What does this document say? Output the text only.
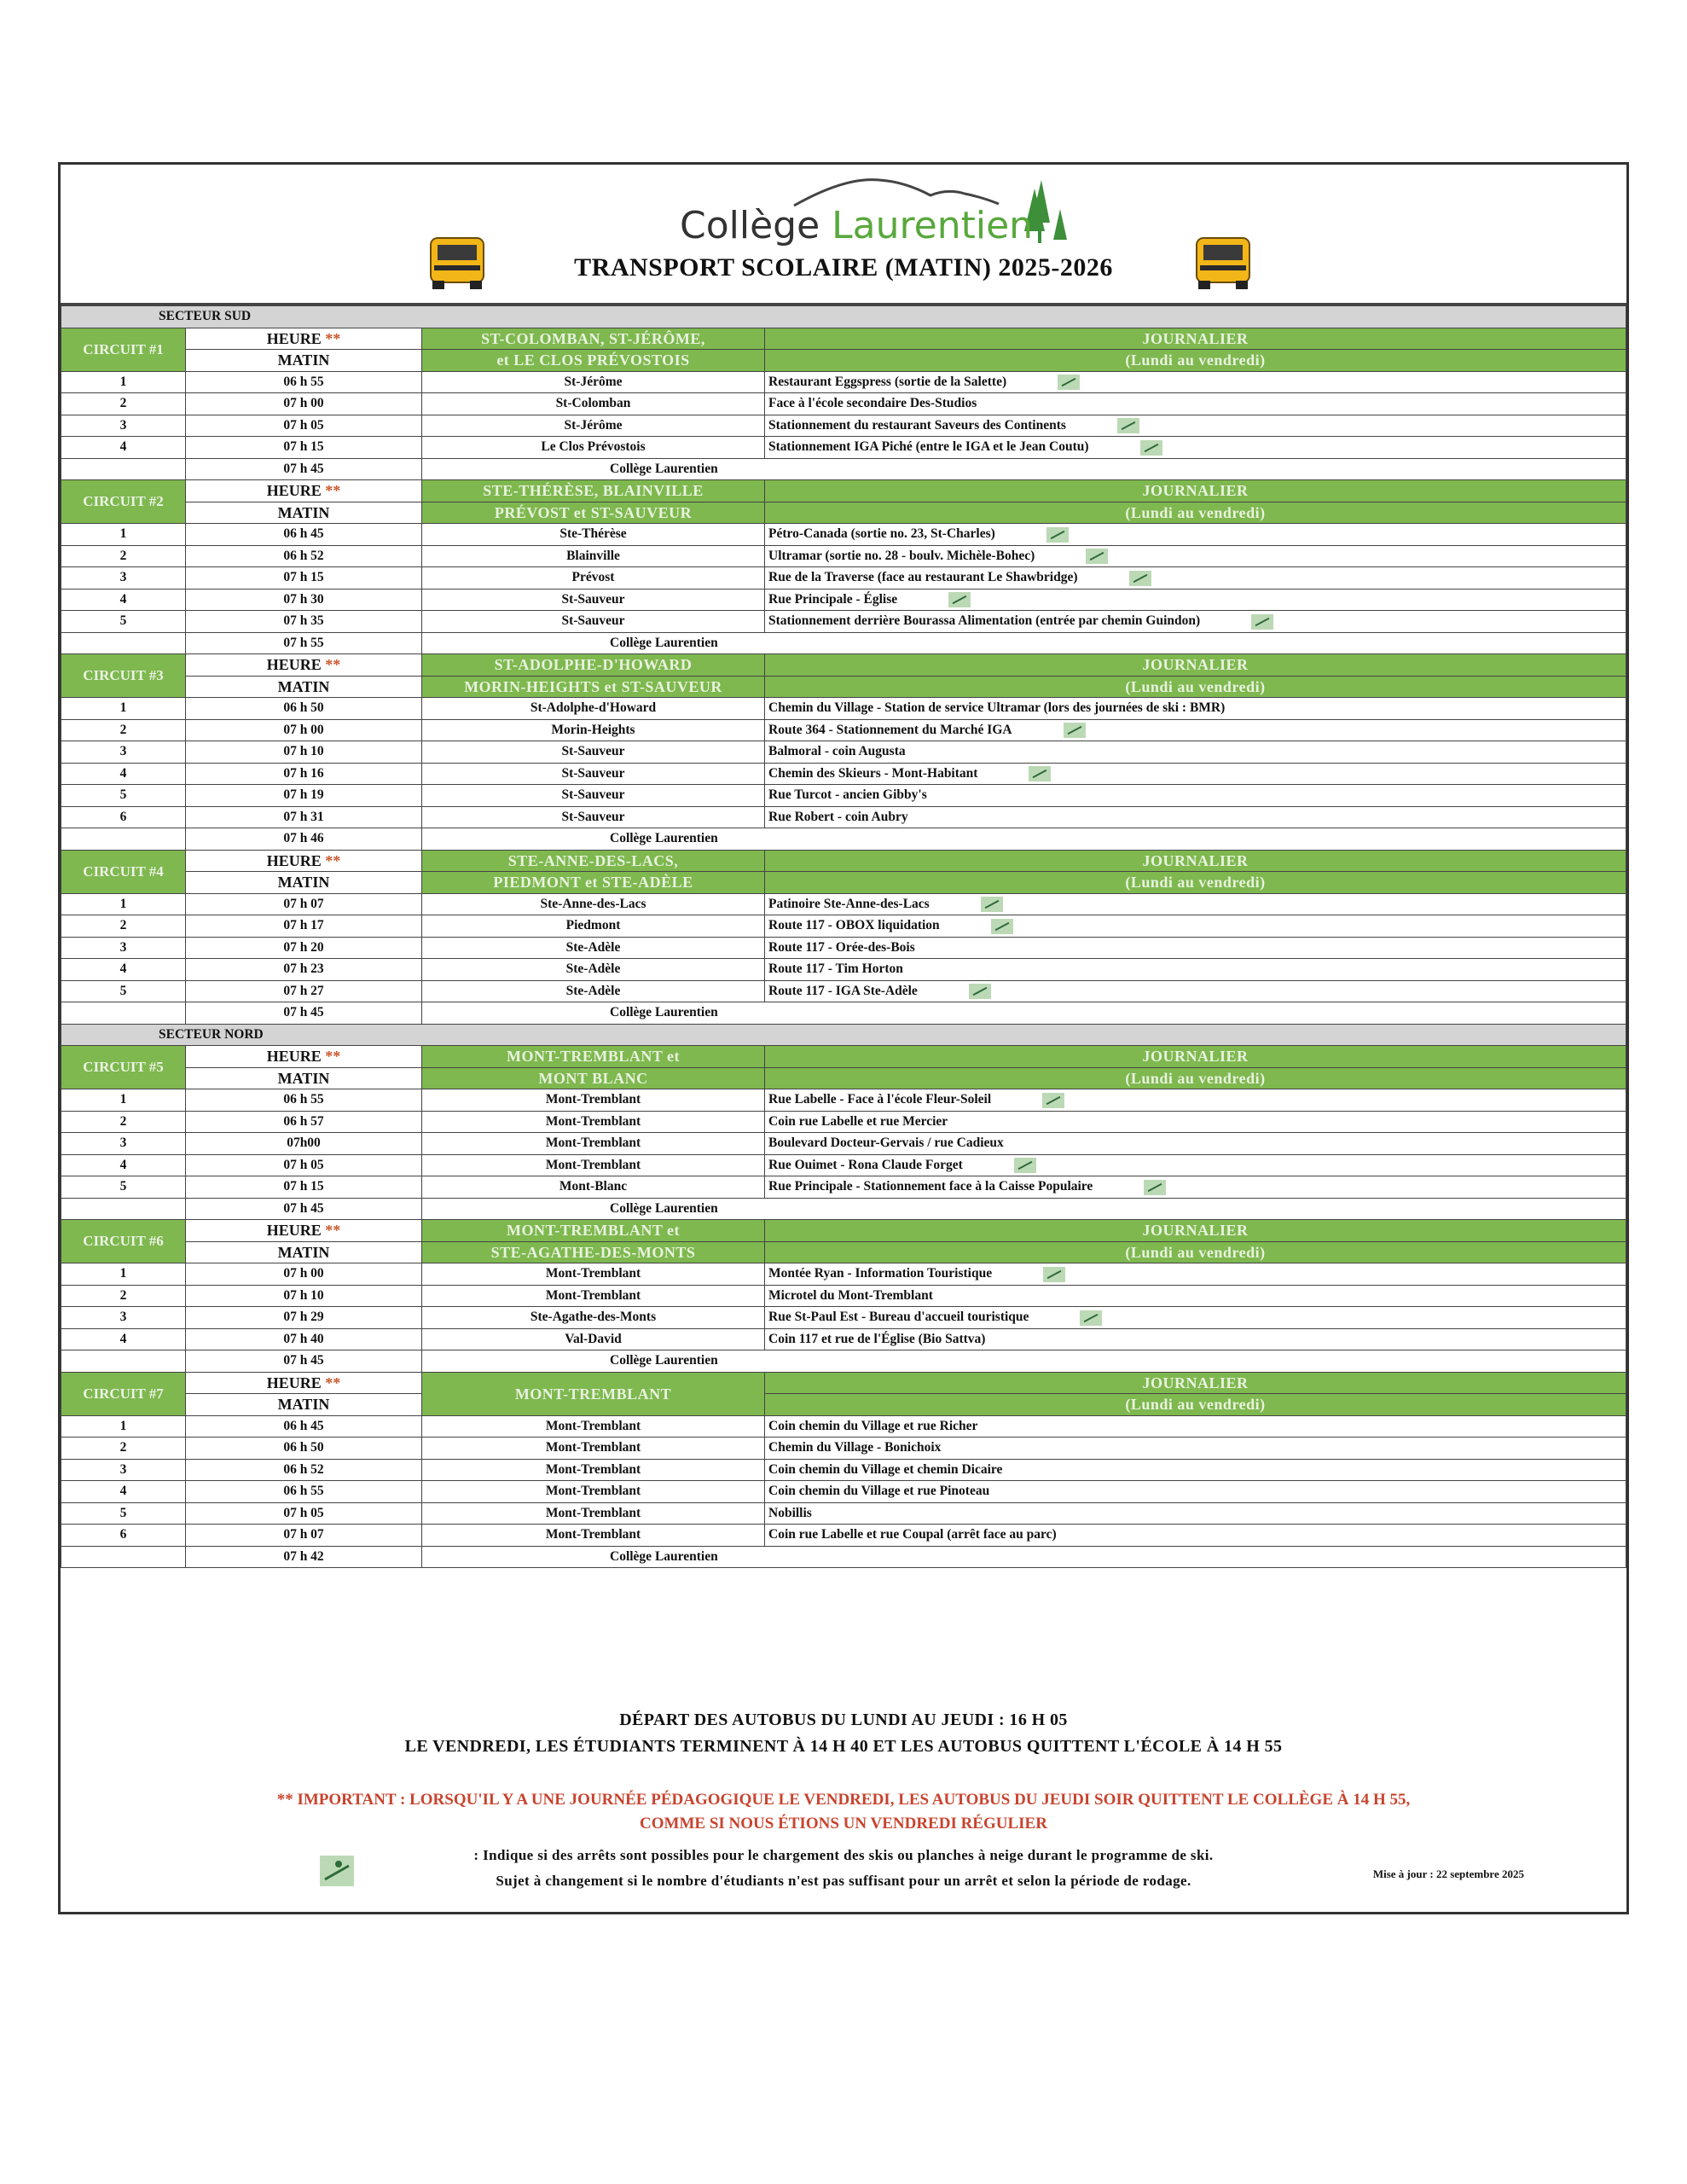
Collège Laurentien
TRANSPORT SCOLAIRE (MATIN) 2025-2026
SECTEUR SUD			
CIRCUIT #1	HEURE **	ST-COLOMBAN, ST-JÉRÔME,	JOURNALIER
	MATIN	et LE CLOS PRÉVOSTOIS	(Lundi au vendredi)
1	06 h 55	St-Jérôme	Restaurant Eggspress (sortie de la Salette)
2	07 h 00	St-Colomban	Face à l'école secondaire Des-Studios
3	07 h 05	St-Jérôme	Stationnement du restaurant Saveurs des Continents
4	07 h 15	Le Clos Prévostois	Stationnement IGA Piché (entre le IGA et le Jean Coutu)
	07 h 45	Collège Laurentien	
CIRCUIT #2	HEURE **	STE-THÉRÈSE, BLAINVILLE	JOURNALIER
	MATIN	PRÉVOST et ST-SAUVEUR	(Lundi au vendredi)
1	06 h 45	Ste-Thérèse	Pétro-Canada (sortie no. 23, St-Charles)
2	06 h 52	Blainville	Ultramar (sortie no. 28 - boulv. Michèle-Bohec)
3	07 h 15	Prévost	Rue de la Traverse (face au restaurant Le Shawbridge)
4	07 h 30	St-Sauveur	Rue Principale - Église
5	07 h 35	St-Sauveur	Stationnement derrière Bourassa Alimentation (entrée par chemin Guindon)
	07 h 55	Collège Laurentien	
CIRCUIT #3	HEURE **	ST-ADOLPHE-D'HOWARD	JOURNALIER
	MATIN	MORIN-HEIGHTS et ST-SAUVEUR	(Lundi au vendredi)
1	06 h 50	St-Adolphe-d'Howard	Chemin du Village - Station de service Ultramar (lors des journées de ski : BMR)
2	07 h 00	Morin-Heights	Route 364 - Stationnement du Marché IGA
3	07 h 10	St-Sauveur	Balmoral - coin Augusta
4	07 h 16	St-Sauveur	Chemin des Skieurs - Mont-Habitant
5	07 h 19	St-Sauveur	Rue Turcot - ancien Gibby's
6	07 h 31	St-Sauveur	Rue Robert - coin Aubry
	07 h 46	Collège Laurentien	
CIRCUIT #4	HEURE **	STE-ANNE-DES-LACS,	JOURNALIER
	MATIN	PIEDMONT et STE-ADÈLE	(Lundi au vendredi)
1	07 h 07	Ste-Anne-des-Lacs	Patinoire Ste-Anne-des-Lacs
2	07 h 17	Piedmont	Route 117 - OBOX liquidation
3	07 h 20	Ste-Adèle	Route 117 - Orée-des-Bois
4	07 h 23	Ste-Adèle	Route 117 - Tim Horton
5	07 h 27	Ste-Adèle	Route 117 - IGA Ste-Adèle
	07 h 45	Collège Laurentien	
SECTEUR NORD			
CIRCUIT #5	HEURE **	MONT-TREMBLANT et	JOURNALIER
	MATIN	MONT BLANC	(Lundi au vendredi)
1	06 h 55	Mont-Tremblant	Rue Labelle - Face à l'école Fleur-Soleil
2	06 h 57	Mont-Tremblant	Coin rue Labelle et rue Mercier
3	07h00	Mont-Tremblant	Boulevard Docteur-Gervais / rue Cadieux
4	07 h 05	Mont-Tremblant	Rue Ouimet - Rona Claude Forget
5	07 h 15	Mont-Blanc	Rue Principale - Stationnement face à la Caisse Populaire
	07 h 45	Collège Laurentien	
CIRCUIT #6	HEURE **	MONT-TREMBLANT et	JOURNALIER
	MATIN	STE-AGATHE-DES-MONTS	(Lundi au vendredi)
1	07 h 00	Mont-Tremblant	Montée Ryan - Information Touristique
2	07 h 10	Mont-Tremblant	Microtel du Mont-Tremblant
3	07 h 29	Ste-Agathe-des-Monts	Rue St-Paul Est - Bureau d'accueil touristique
4	07 h 40	Val-David	Coin 117 et rue de l'Église (Bio Sattva)
	07 h 45	Collège Laurentien	
CIRCUIT #7	HEURE **	MONT-TREMBLANT	JOURNALIER
	MATIN		(Lundi au vendredi)
1	06 h 45	Mont-Tremblant	Coin chemin du Village et rue Richer
2	06 h 50	Mont-Tremblant	Chemin du Village - Bonichoix
3	06 h 52	Mont-Tremblant	Coin chemin du Village et chemin Dicaire
4	06 h 55	Mont-Tremblant	Coin chemin du Village et rue Pinoteau
5	07 h 05	Mont-Tremblant	Nobillis
6	07 h 07	Mont-Tremblant	Coin rue Labelle et rue Coupal (arrêt face au parc)
	07 h 42	Collège Laurentien	
DÉPART DES AUTOBUS DU LUNDI AU JEUDI : 16 H 05
LE VENDREDI, LES ÉTUDIANTS TERMINENT À 14 H 40 ET LES AUTOBUS QUITTENT L'ÉCOLE À 14 H 55
** IMPORTANT : LORSQU'IL Y A UNE JOURNÉE PÉDAGOGIQUE LE VENDREDI, LES AUTOBUS DU JEUDI SOIR QUITTENT LE COLLÈGE À 14 H 55,
COMME SI NOUS ÉTIONS UN VENDREDI RÉGULIER
: Indique si des arrêts sont possibles pour le chargement des skis ou planches à neige durant le programme de ski.
Sujet à changement si le nombre d'étudiants n'est pas suffisant pour un arrêt et selon la période de rodage.	Mise à jour : 22 septembre 2025
